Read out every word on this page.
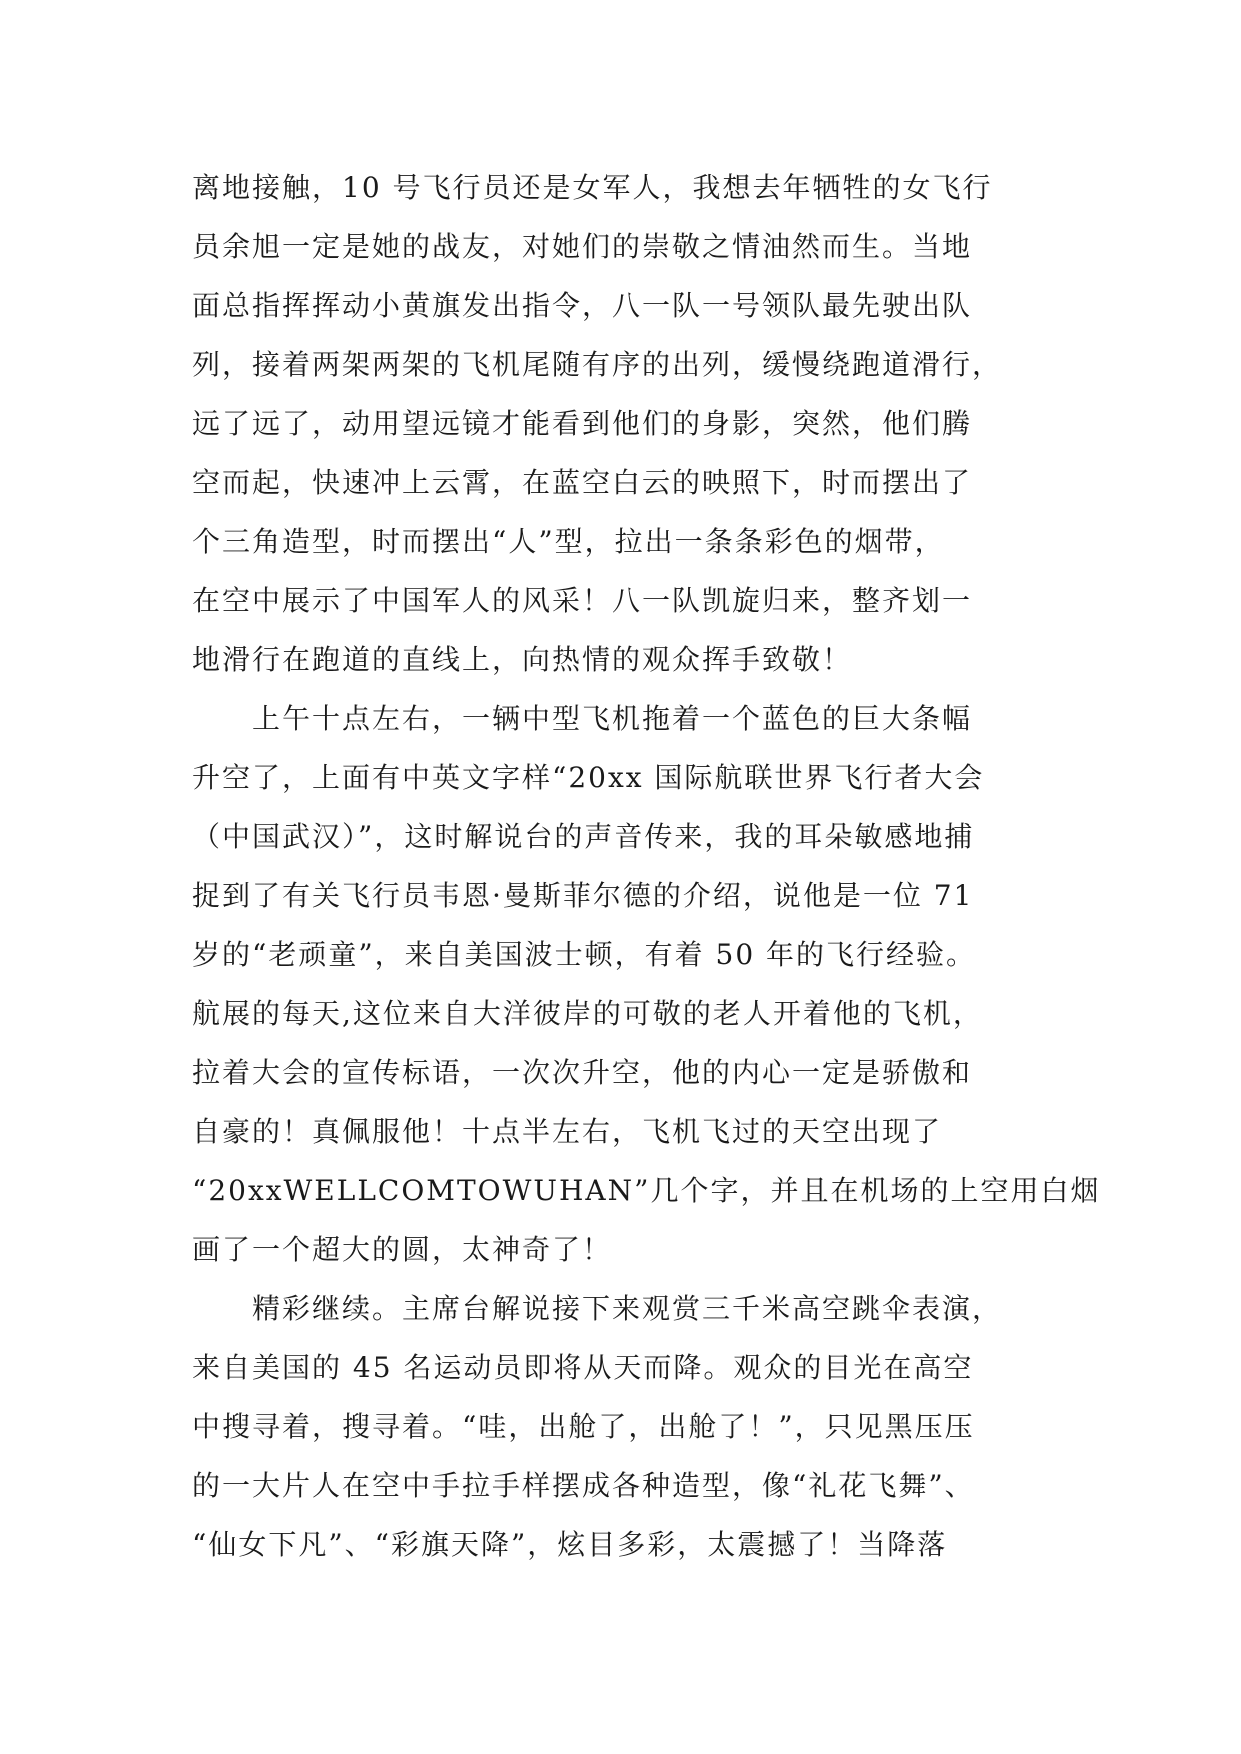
离地接触，10 号飞行员还是女军人，我想去年牺牲的女飞行
员余旭一定是她的战友，对她们的崇敬之情油然而生。当地
面总指挥挥动小黄旗发出指令，八一队一号领队最先驶出队
列，接着两架两架的飞机尾随有序的出列，缓慢绕跑道滑行，
远了远了，动用望远镜才能看到他们的身影，突然，他们腾
空而起，快速冲上云霄，在蓝空白云的映照下，时而摆出了
个三角造型，时而摆出“人”型，拉出一条条彩色的烟带，
在空中展示了中国军人的风采！八一队凯旋归来，整齐划一
地滑行在跑道的直线上，向热情的观众挥手致敬！
　　上午十点左右，一辆中型飞机拖着一个蓝色的巨大条幅
升空了，上面有中英文字样“20xx 国际航联世界飞行者大会
（中国武汉）”，这时解说台的声音传来，我的耳朵敏感地捕
捉到了有关飞行员韦恩·曼斯菲尔德的介绍，说他是一位 71
岁的“老顽童”，来自美国波士顿，有着 50 年的飞行经验。
航展的每天,这位来自大洋彼岸的可敬的老人开着他的飞机，
拉着大会的宣传标语，一次次升空，他的内心一定是骄傲和
自豪的！真佩服他！十点半左右，飞机飞过的天空出现了
“20xxWELLCOMTOWUHAN”几个字，并且在机场的上空用白烟
画了一个超大的圆，太神奇了！
　　精彩继续。主席台解说接下来观赏三千米高空跳伞表演，
来自美国的 45 名运动员即将从天而降。观众的目光在高空
中搜寻着，搜寻着。“哇，出舱了，出舱了！”，只见黑压压
的一大片人在空中手拉手样摆成各种造型，像“礼花飞舞”、
“仙女下凡”、“彩旗天降”，炫目多彩，太震撼了！当降落
